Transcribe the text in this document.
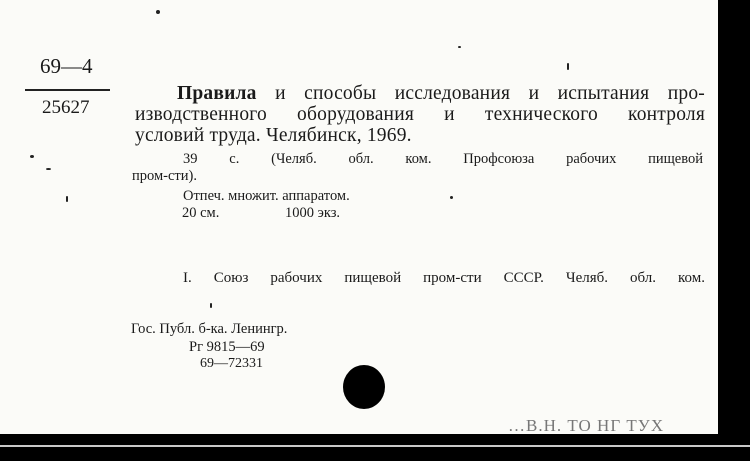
69—4
25627
Правила и способы исследования и испытания про-
изводственного оборудования и технического контроля
условий труда. Челябинск, 1969.
39 с. (Челяб. обл. ком. Профсоюза рабочих пищевой
пром-сти).
Отпеч. множит. аппаратом.
20 см.	1000 экз.
I. Союз рабочих пищевой пром-сти СССР. Челяб. обл. ком.
Гос. Публ. б-ка. Ленингр.
Рг 9815—69
69—72331
…В.Н. ТО НГ ТУХ
